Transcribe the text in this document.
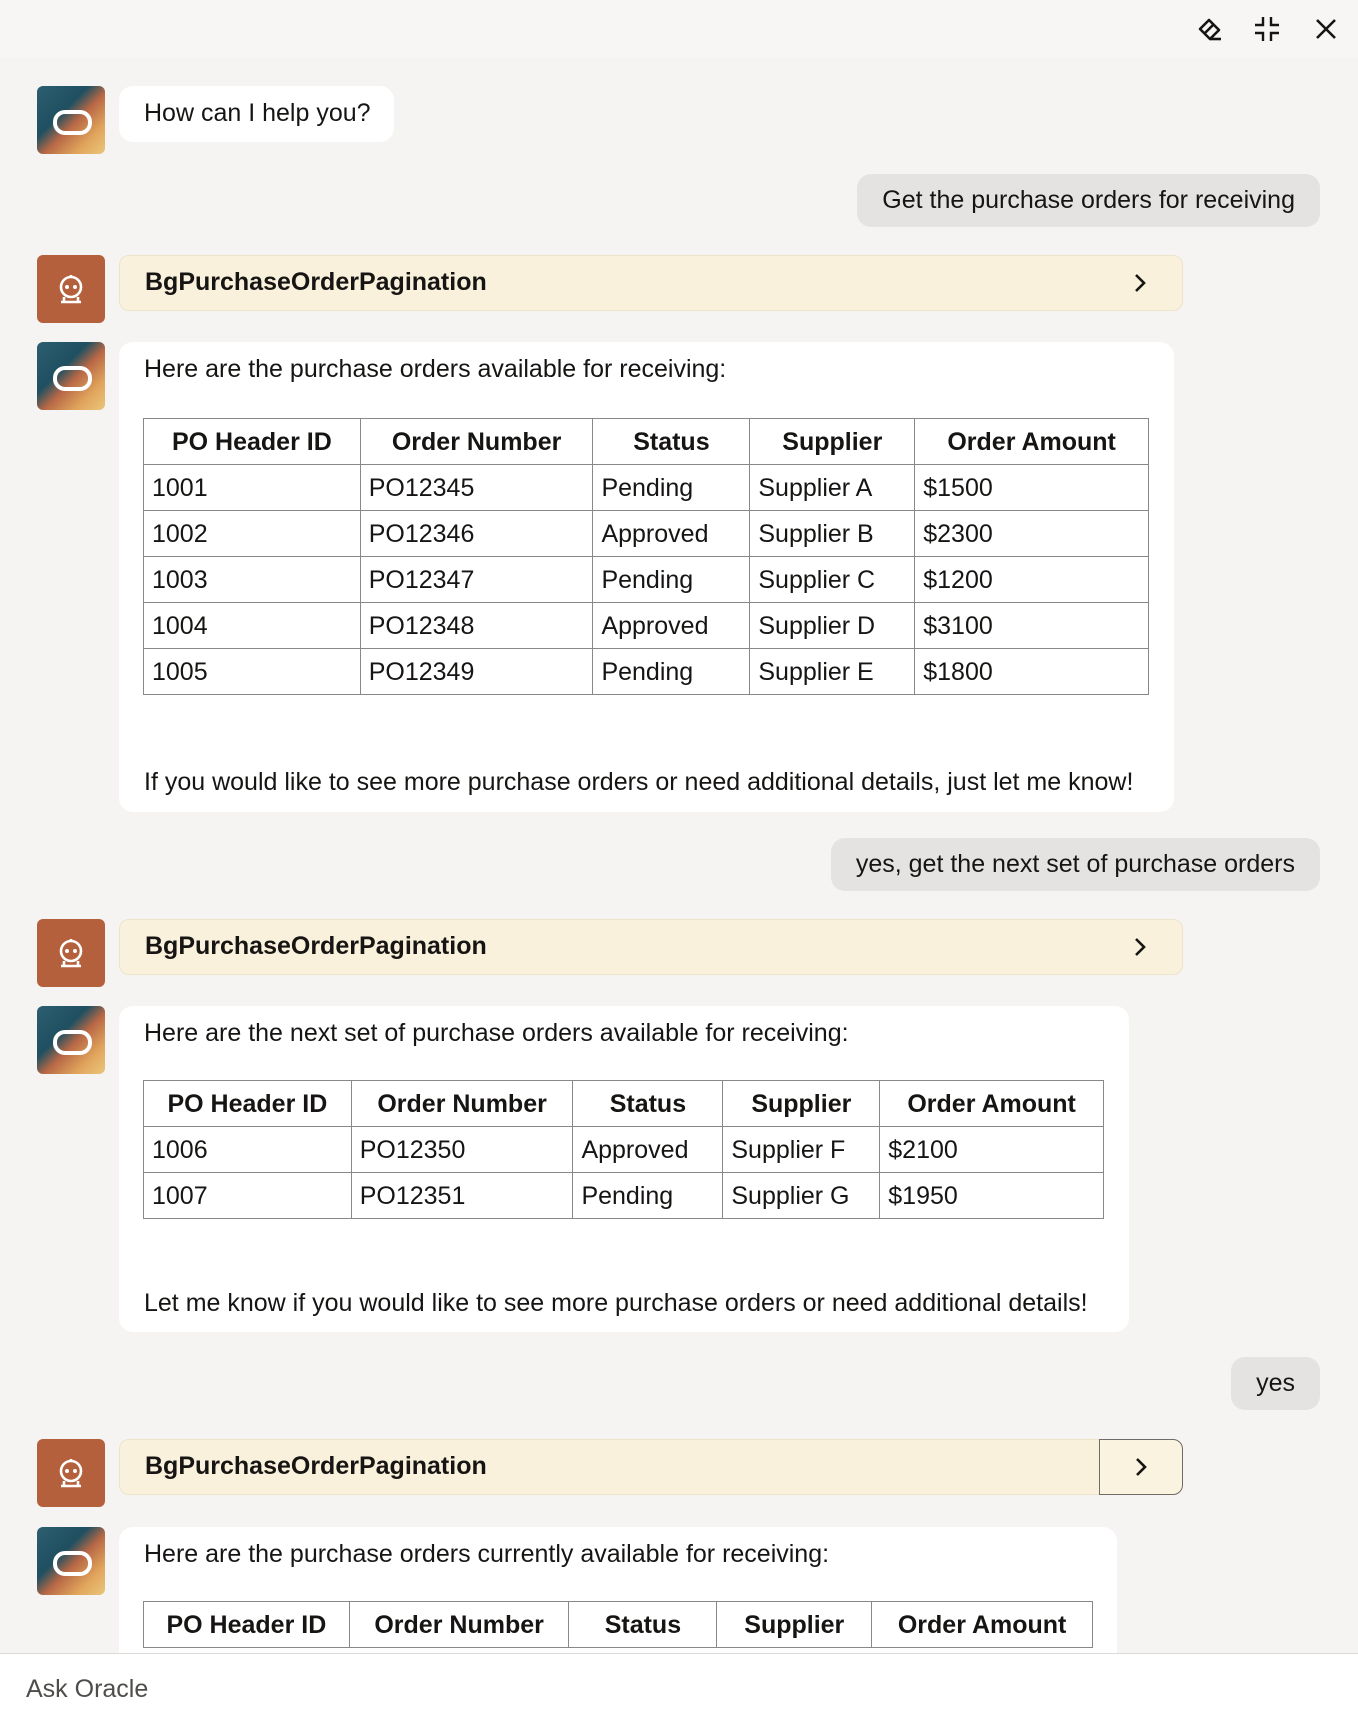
How can I help you?
Get the purchase orders for receiving
BgPurchaseOrderPagination
Here are the purchase orders available for receiving:
PO Header ID	Order Number	Status	Supplier	Order Amount
1001	PO12345	Pending	Supplier A	$1500
1002	PO12346	Approved	Supplier B	$2300
1003	PO12347	Pending	Supplier C	$1200
1004	PO12348	Approved	Supplier D	$3100
1005	PO12349	Pending	Supplier E	$1800
If you would like to see more purchase orders or need additional details, just let me know!
yes, get the next set of purchase orders
BgPurchaseOrderPagination
Here are the next set of purchase orders available for receiving:
PO Header ID	Order Number	Status	Supplier	Order Amount
1006	PO12350	Approved	Supplier F	$2100
1007	PO12351	Pending	Supplier G	$1950
Let me know if you would like to see more purchase orders or need additional details!
yes
BgPurchaseOrderPagination
Here are the purchase orders currently available for receiving:
PO Header ID	Order Number	Status	Supplier	Order Amount
Ask Oracle
